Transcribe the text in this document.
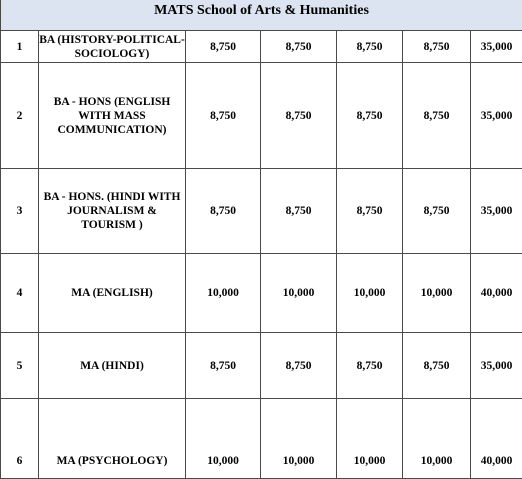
MATS School of Arts & Humanities						
1	BA (HISTORY-POLITICAL-SOCIOLOGY)	8,750	8,750	8,750	8,750	35,000
2	BA - HONS (ENGLISH WITH MASS COMMUNICATION)	8,750	8,750	8,750	8,750	35,000
3	BA - HONS. (HINDI WITH JOURNALISM & TOURISM )	8,750	8,750	8,750	8,750	35,000
4	MA (ENGLISH)	10,000	10,000	10,000	10,000	40,000
5	MA (HINDI)	8,750	8,750	8,750	8,750	35,000
6	MA (PSYCHOLOGY)	10,000	10,000	10,000	10,000	40,000
